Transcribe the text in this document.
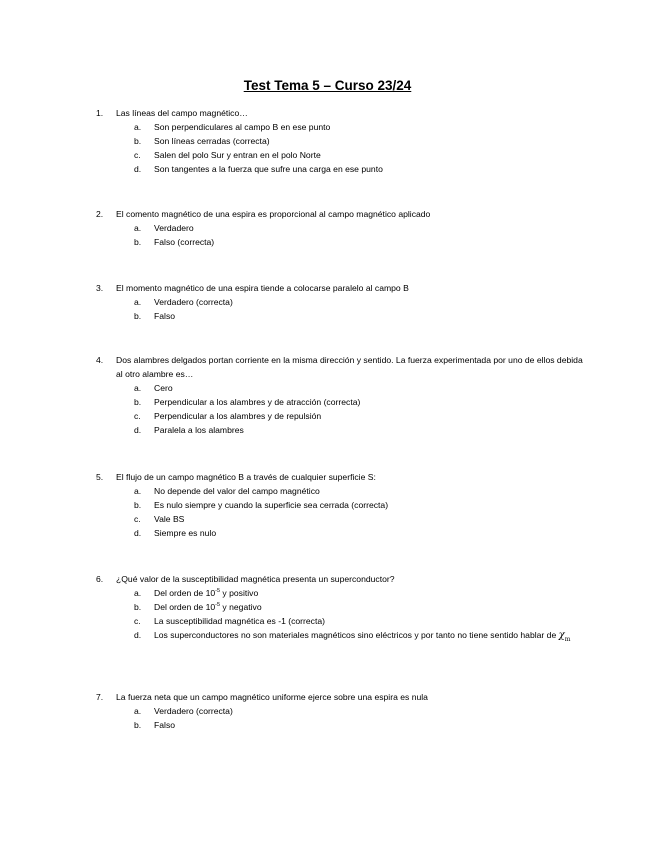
Test Tema 5 – Curso 23/24
1. Las líneas del campo magnético…
a. Son perpendiculares al campo B en ese punto
b. Son líneas cerradas (correcta)
c. Salen del polo Sur y entran en el polo Norte
d. Son tangentes a la fuerza que sufre una carga en ese punto
2. El comento magnético de una espira es proporcional al campo magnético aplicado
a. Verdadero
b. Falso (correcta)
3. El momento magnético de una espira tiende a colocarse paralelo al campo B
a. Verdadero (correcta)
b. Falso
4. Dos alambres delgados portan corriente en la misma dirección y sentido. La fuerza experimentada por uno de ellos debida al otro alambre es…
a. Cero
b. Perpendicular a los alambres y de atracción (correcta)
c. Perpendicular a los alambres y de repulsión
d. Paralela a los alambres
5. El flujo de un campo magnético B a través de cualquier superficie S:
a. No depende del valor del campo magnético
b. Es nulo siempre y cuando la superficie sea cerrada (correcta)
c. Vale BS
d. Siempre es nulo
6. ¿Qué valor de la susceptibilidad magnética presenta un superconductor?
a. Del orden de $10^{-5}$ y positivo
b. Del orden de $10^{-5}$ y negativo
c. La susceptibilidad magnética es -1 (correcta)
d. Los superconductores no son materiales magnéticos sino eléctricos y por tanto no tiene sentido hablar de $\chi_m$
7. La fuerza neta que un campo magnético uniforme ejerce sobre una espira es nula
a. Verdadero (correcta)
b. Falso
